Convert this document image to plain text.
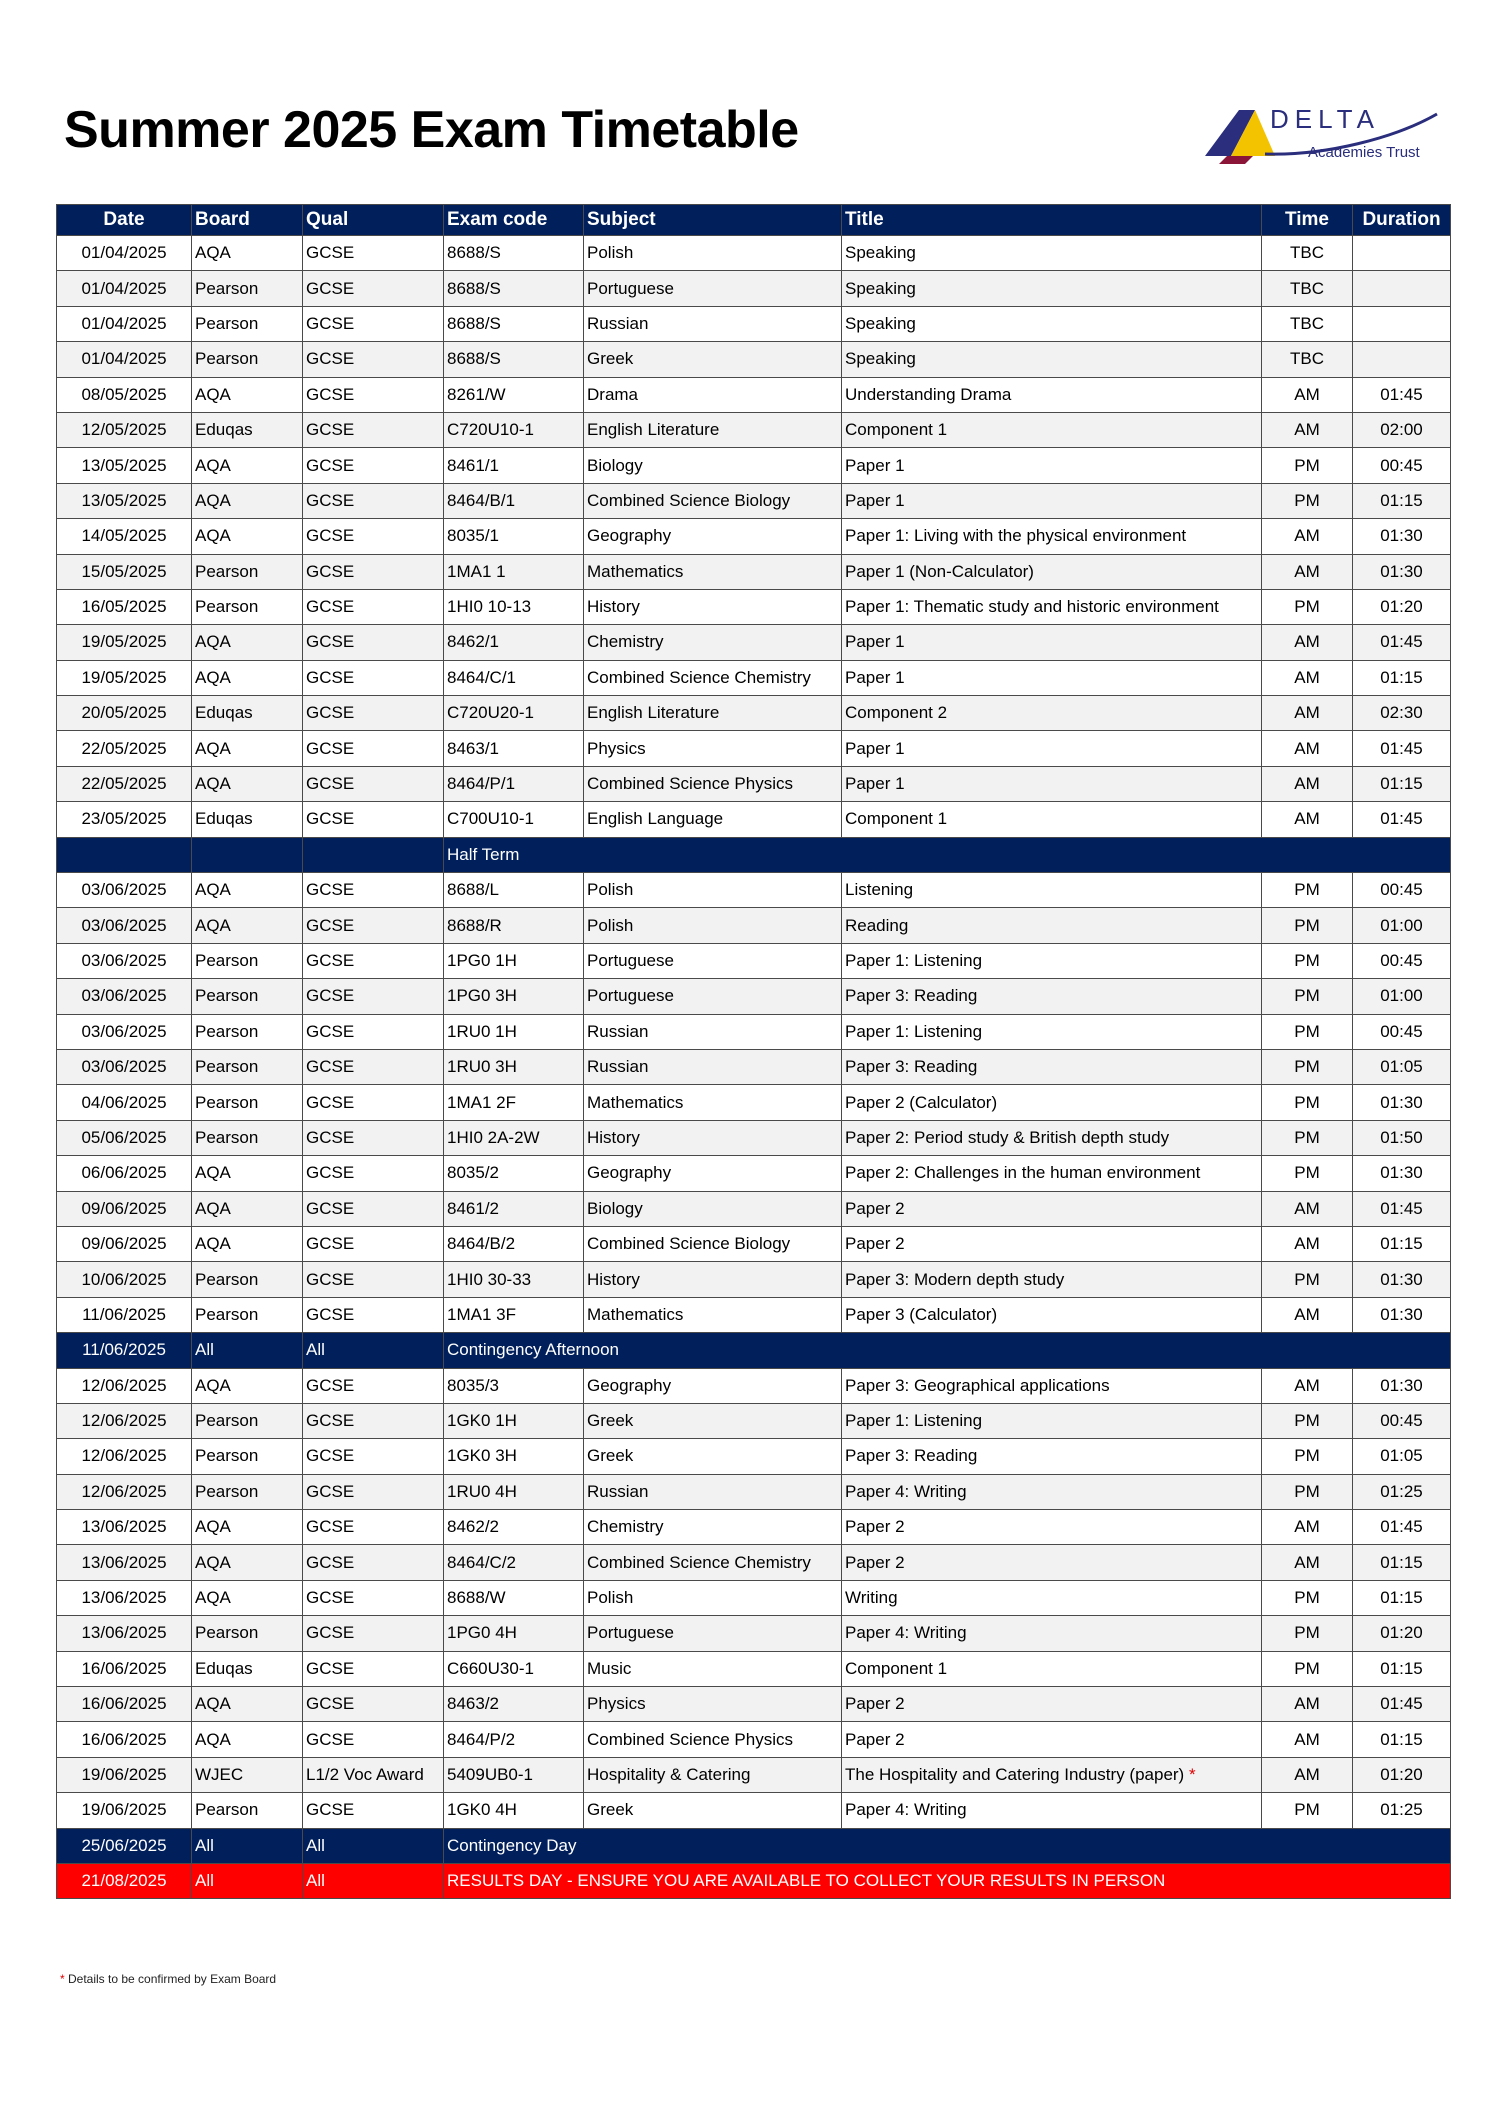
Summer 2025 Exam Timetable	DELTA
Academies Trust
Date	Board	Qual	Exam code	Subject	Title	Time	Duration
01/04/2025	AQA	GCSE	8688/S	Polish	Speaking	TBC	
01/04/2025	Pearson	GCSE	8688/S	Portuguese	Speaking	TBC	
01/04/2025	Pearson	GCSE	8688/S	Russian	Speaking	TBC	
01/04/2025	Pearson	GCSE	8688/S	Greek	Speaking	TBC	
08/05/2025	AQA	GCSE	8261/W	Drama	Understanding Drama	AM	01:45
12/05/2025	Eduqas	GCSE	C720U10-1	English Literature	Component 1	AM	02:00
13/05/2025	AQA	GCSE	8461/1	Biology	Paper 1	PM	00:45
13/05/2025	AQA	GCSE	8464/B/1	Combined Science Biology	Paper 1	PM	01:15
14/05/2025	AQA	GCSE	8035/1	Geography	Paper 1: Living with the physical environment	AM	01:30
15/05/2025	Pearson	GCSE	1MA1 1	Mathematics	Paper 1 (Non-Calculator)	AM	01:30
16/05/2025	Pearson	GCSE	1HI0 10-13	History	Paper 1: Thematic study and historic environment	PM	01:20
19/05/2025	AQA	GCSE	8462/1	Chemistry	Paper 1	AM	01:45
19/05/2025	AQA	GCSE	8464/C/1	Combined Science Chemistry	Paper 1	AM	01:15
20/05/2025	Eduqas	GCSE	C720U20-1	English Literature	Component 2	AM	02:30
22/05/2025	AQA	GCSE	8463/1	Physics	Paper 1	AM	01:45
22/05/2025	AQA	GCSE	8464/P/1	Combined Science Physics	Paper 1	AM	01:15
23/05/2025	Eduqas	GCSE	C700U10-1	English Language	Component 1	AM	01:45
			Half Term				
03/06/2025	AQA	GCSE	8688/L	Polish	Listening	PM	00:45
03/06/2025	AQA	GCSE	8688/R	Polish	Reading	PM	01:00
03/06/2025	Pearson	GCSE	1PG0 1H	Portuguese	Paper 1: Listening	PM	00:45
03/06/2025	Pearson	GCSE	1PG0 3H	Portuguese	Paper 3: Reading	PM	01:00
03/06/2025	Pearson	GCSE	1RU0 1H	Russian	Paper 1: Listening	PM	00:45
03/06/2025	Pearson	GCSE	1RU0 3H	Russian	Paper 3: Reading	PM	01:05
04/06/2025	Pearson	GCSE	1MA1 2F	Mathematics	Paper 2 (Calculator)	PM	01:30
05/06/2025	Pearson	GCSE	1HI0 2A-2W	History	Paper 2: Period study & British depth study	PM	01:50
06/06/2025	AQA	GCSE	8035/2	Geography	Paper 2: Challenges in the human environment	PM	01:30
09/06/2025	AQA	GCSE	8461/2	Biology	Paper 2	AM	01:45
09/06/2025	AQA	GCSE	8464/B/2	Combined Science Biology	Paper 2	AM	01:15
10/06/2025	Pearson	GCSE	1HI0 30-33	History	Paper 3: Modern depth study	PM	01:30
11/06/2025	Pearson	GCSE	1MA1 3F	Mathematics	Paper 3 (Calculator)	AM	01:30
11/06/2025	All	All	Contingency Afternoon				
12/06/2025	AQA	GCSE	8035/3	Geography	Paper 3: Geographical applications	AM	01:30
12/06/2025	Pearson	GCSE	1GK0 1H	Greek	Paper 1: Listening	PM	00:45
12/06/2025	Pearson	GCSE	1GK0 3H	Greek	Paper 3: Reading	PM	01:05
12/06/2025	Pearson	GCSE	1RU0 4H	Russian	Paper 4: Writing	PM	01:25
13/06/2025	AQA	GCSE	8462/2	Chemistry	Paper 2	AM	01:45
13/06/2025	AQA	GCSE	8464/C/2	Combined Science Chemistry	Paper 2	AM	01:15
13/06/2025	AQA	GCSE	8688/W	Polish	Writing	PM	01:15
13/06/2025	Pearson	GCSE	1PG0 4H	Portuguese	Paper 4: Writing	PM	01:20
16/06/2025	Eduqas	GCSE	C660U30-1	Music	Component 1	PM	01:15
16/06/2025	AQA	GCSE	8463/2	Physics	Paper 2	AM	01:45
16/06/2025	AQA	GCSE	8464/P/2	Combined Science Physics	Paper 2	AM	01:15
19/06/2025	WJEC	L1/2 Voc Award	5409UB0-1	Hospitality & Catering	The Hospitality and Catering Industry (paper) *	AM	01:20
19/06/2025	Pearson	GCSE	1GK0 4H	Greek	Paper 4: Writing	PM	01:25
25/06/2025	All	All	Contingency Day				
21/08/2025	All	All	RESULTS DAY - ENSURE YOU ARE AVAILABLE TO COLLECT YOUR RESULTS IN PERSON				
* Details to be confirmed by Exam Board
